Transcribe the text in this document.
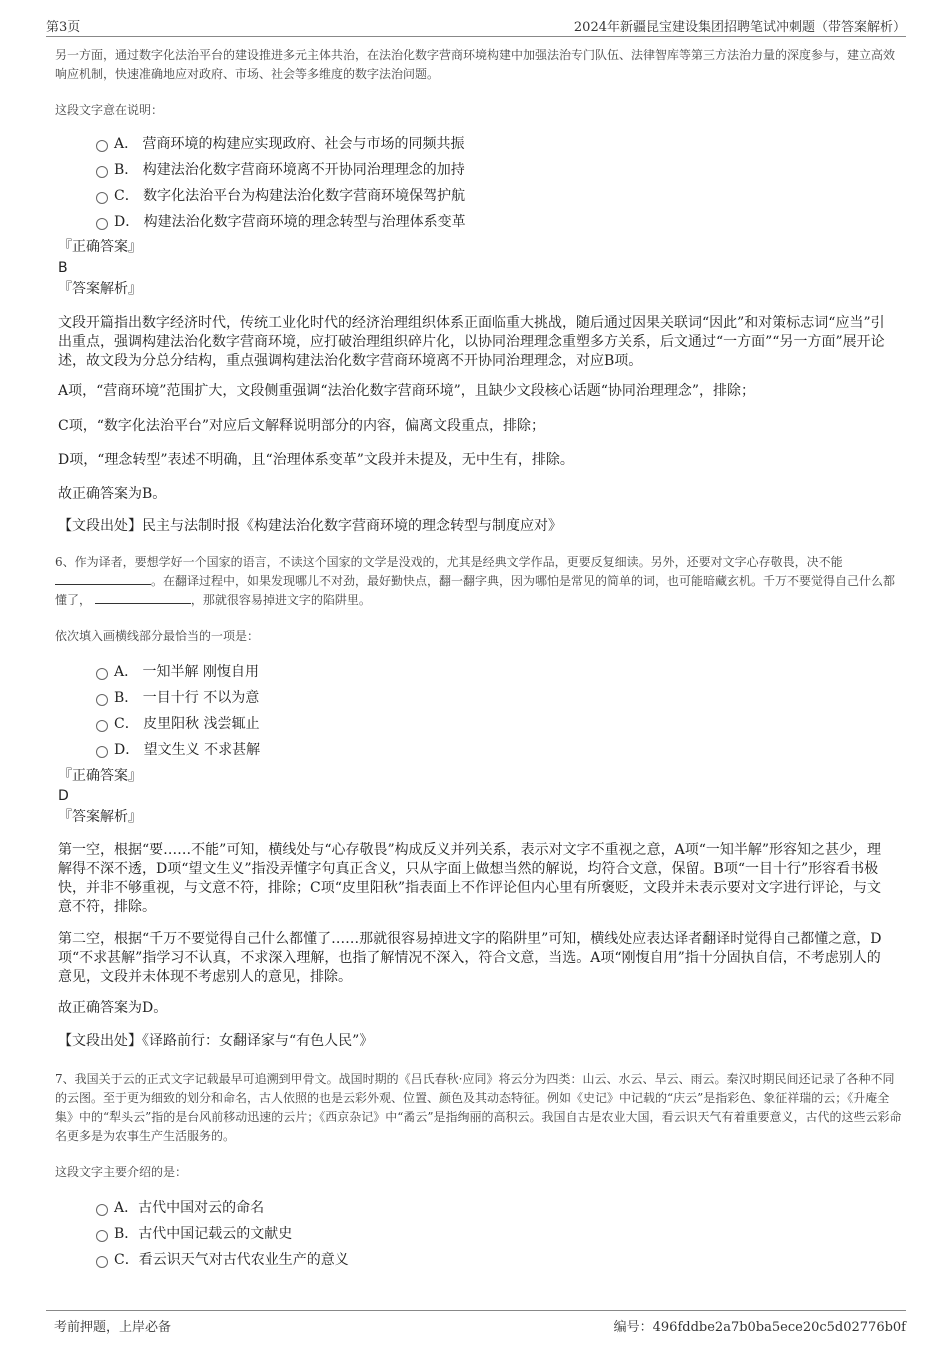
第3页	2024年新疆昆宝建设集团招聘笔试冲刺题（带答案解析）
另一方面，通过数字化法治平台的建设推进多元主体共治，在法治化数字营商环境构建中加强法治专门队伍、法律智库等第三方法治力量的深度参与，建立高效响应机制，快速准确地应对政府、市场、社会等多维度的数字法治问题。
这段文字意在说明：
A． 营商环境的构建应实现政府、社会与市场的同频共振
B． 构建法治化数字营商环境离不开协同治理理念的加持
C． 数字化法治平台为构建法治化数字营商环境保驾护航
D． 构建法治化数字营商环境的理念转型与治理体系变革
『正确答案』
B
『答案解析』
文段开篇指出数字经济时代，传统工业化时代的经济治理组织体系正面临重大挑战，随后通过因果关联词“因此”和对策标志词“应当”引出重点，强调构建法治化数字营商环境，应打破治理组织碎片化，以协同治理理念重塑多方关系，后文通过“一方面”“另一方面”展开论述，故文段为分总分结构，重点强调构建法治化数字营商环境离不开协同治理理念，对应B项。
A项，“营商环境”范围扩大，文段侧重强调“法治化数字营商环境”，且缺少文段核心话题“协同治理理念”，排除；
C项，“数字化法治平台”对应后文解释说明部分的内容，偏离文段重点，排除；
D项，“理念转型”表述不明确，且“治理体系变革”文段并未提及，无中生有，排除。
故正确答案为B。
【文段出处】民主与法制时报《构建法治化数字营商环境的理念转型与制度应对》
6、作为译者，要想学好一个国家的语言，不读这个国家的文学是没戏的，尤其是经典文学作品，更要反复细读。另外，还要对文字心存敬畏，决不能 。在翻译过程中，如果发现哪儿不对劲，最好勤快点，翻一翻字典，因为哪怕是常见的简单的词，也可能暗藏玄机。千万不要觉得自己什么都懂了，	，那就很容易掉进文字的陷阱里。
依次填入画横线部分最恰当的一项是：
A． 一知半解 刚愎自用
B． 一目十行 不以为意
C． 皮里阳秋 浅尝辄止
D． 望文生义 不求甚解
『正确答案』
D
『答案解析』
第一空，根据“要……不能”可知，横线处与“心存敬畏”构成反义并列关系，表示对文字不重视之意，A项“一知半解”形容知之甚少，理解得不深不透，D项“望文生义”指没弄懂字句真正含义，只从字面上做想当然的解说，均符合文意，保留。B项“一目十行”形容看书极快，并非不够重视，与文意不符，排除；C项“皮里阳秋”指表面上不作评论但内心里有所褒贬，文段并未表示要对文字进行评论，与文意不符，排除。
第二空，根据“千万不要觉得自己什么都懂了……那就很容易掉进文字的陷阱里”可知，横线处应表达译者翻译时觉得自己都懂之意，D项“不求甚解”指学习不认真，不求深入理解，也指了解情况不深入，符合文意，当选。A项“刚愎自用”指十分固执自信，不考虑别人的意见，文段并未体现不考虑别人的意见，排除。
故正确答案为D。
【文段出处】《译路前行：女翻译家与“有色人民”》
7、我国关于云的正式文字记载最早可追溯到甲骨文。战国时期的《吕氏春秋·应同》将云分为四类：山云、水云、旱云、雨云。秦汉时期民间还记录了各种不同的云图。至于更为细致的划分和命名，古人依照的也是云彩外观、位置、颜色及其动态特征。例如《史记》中记载的“庆云”是指彩色、象征祥瑞的云；《升庵全集》中的“犁头云”指的是台风前移动迅速的云片；《西京杂记》中“矞云”是指绚丽的高积云。我国自古是农业大国，看云识天气有着重要意义，古代的这些云彩命名更多是为农事生产生活服务的。
这段文字主要介绍的是：
A．古代中国对云的命名
B．古代中国记载云的文献史
C．看云识天气对古代农业生产的意义
考前押题，上岸必备	编号：496fddbe2a7b0ba5ece20c5d02776b0f
